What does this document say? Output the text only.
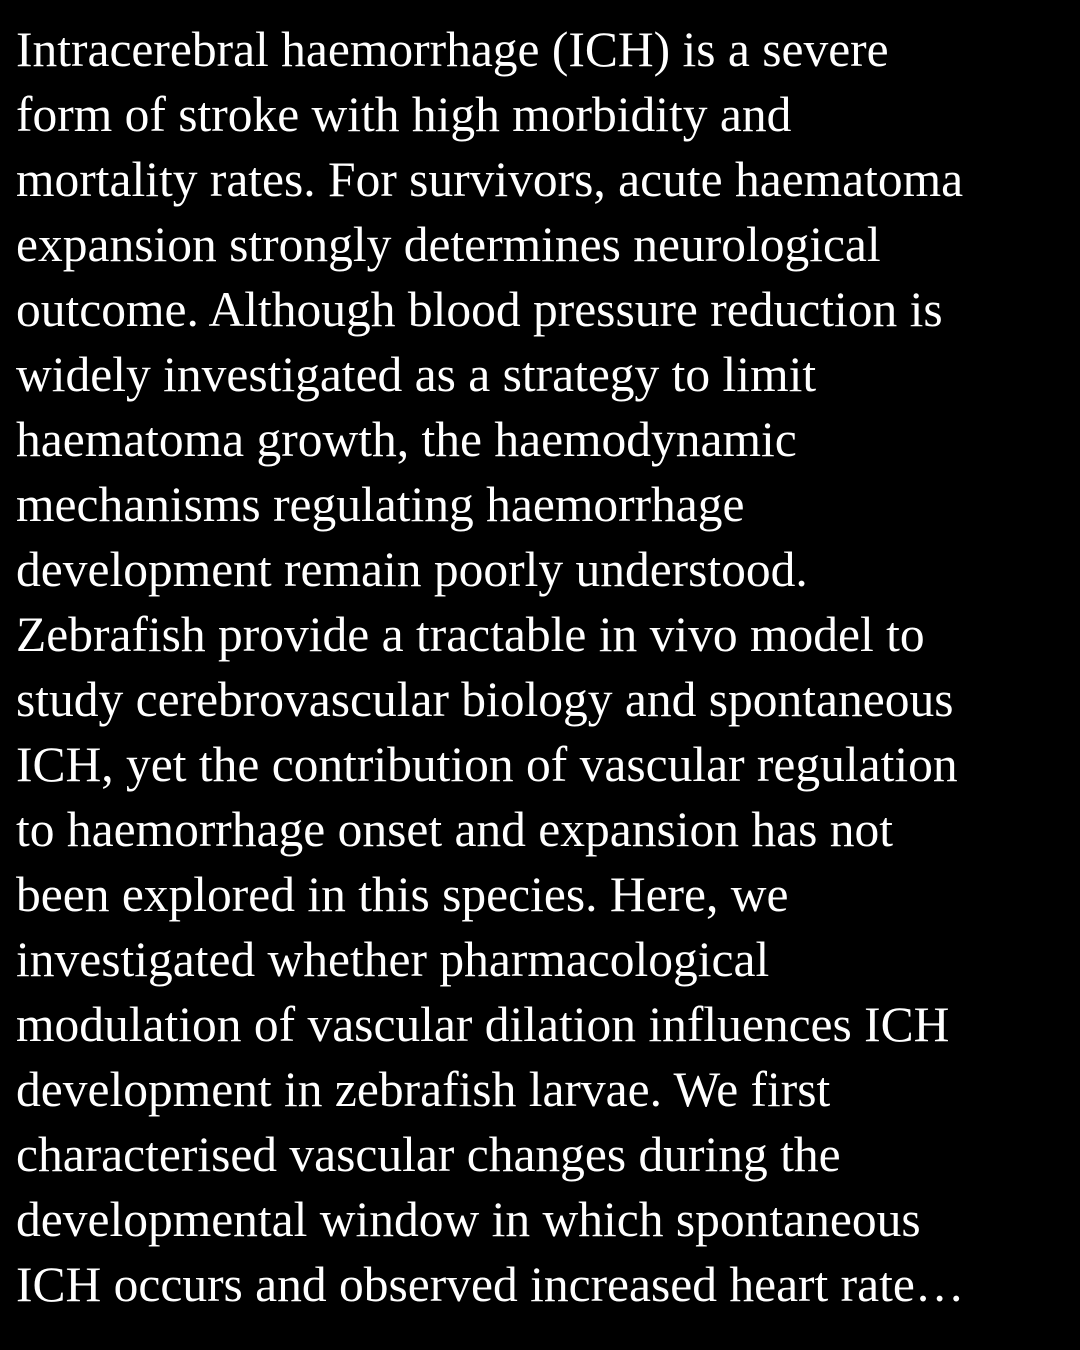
Intracerebral haemorrhage (ICH) is a severe
form of stroke with high morbidity and
mortality rates. For survivors, acute haematoma
expansion strongly determines neurological
outcome. Although blood pressure reduction is
widely investigated as a strategy to limit
haematoma growth, the haemodynamic
mechanisms regulating haemorrhage
development remain poorly understood.
Zebrafish provide a tractable in vivo model to
study cerebrovascular biology and spontaneous
ICH, yet the contribution of vascular regulation
to haemorrhage onset and expansion has not
been explored in this species. Here, we
investigated whether pharmacological
modulation of vascular dilation influences ICH
development in zebrafish larvae. We first
characterised vascular changes during the
developmental window in which spontaneous
ICH occurs and observed increased heart rate…
